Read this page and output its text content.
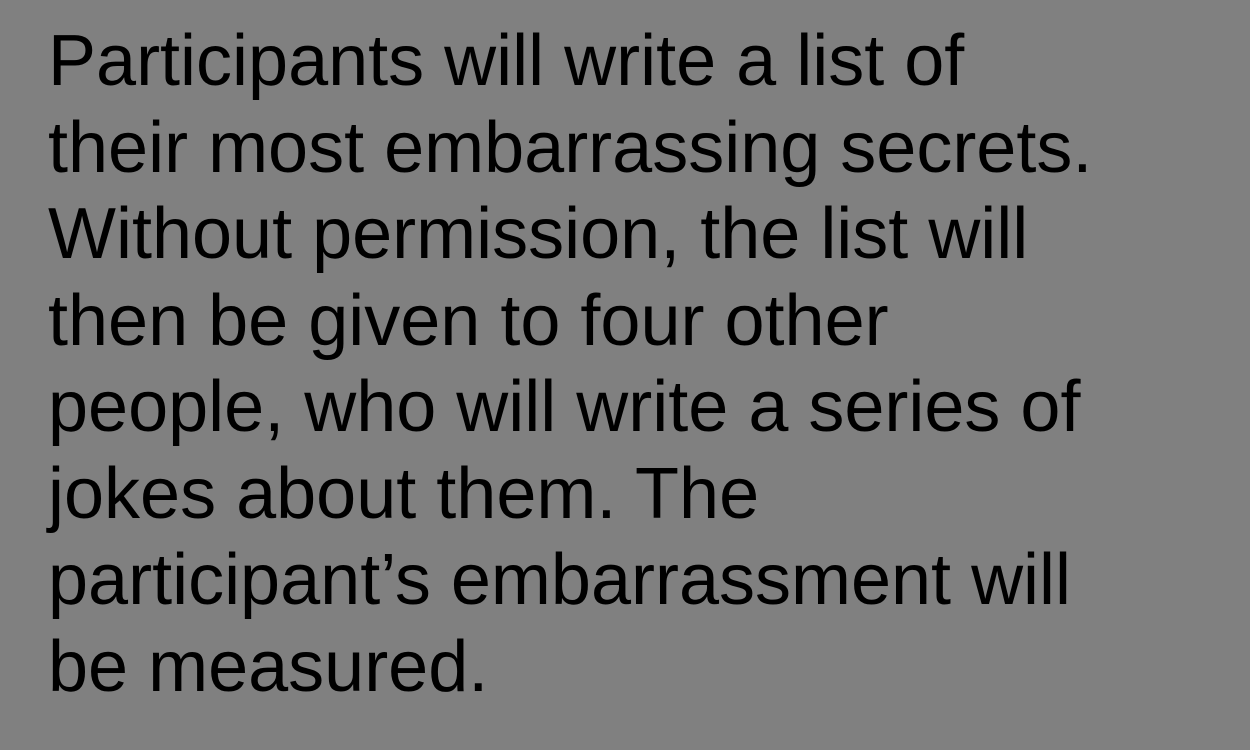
Participants will write a list of
their most embarrassing secrets.
Without permission, the list will
then be given to four other
people, who will write a series of
jokes about them. The
participant’s embarrassment will
be measured.
